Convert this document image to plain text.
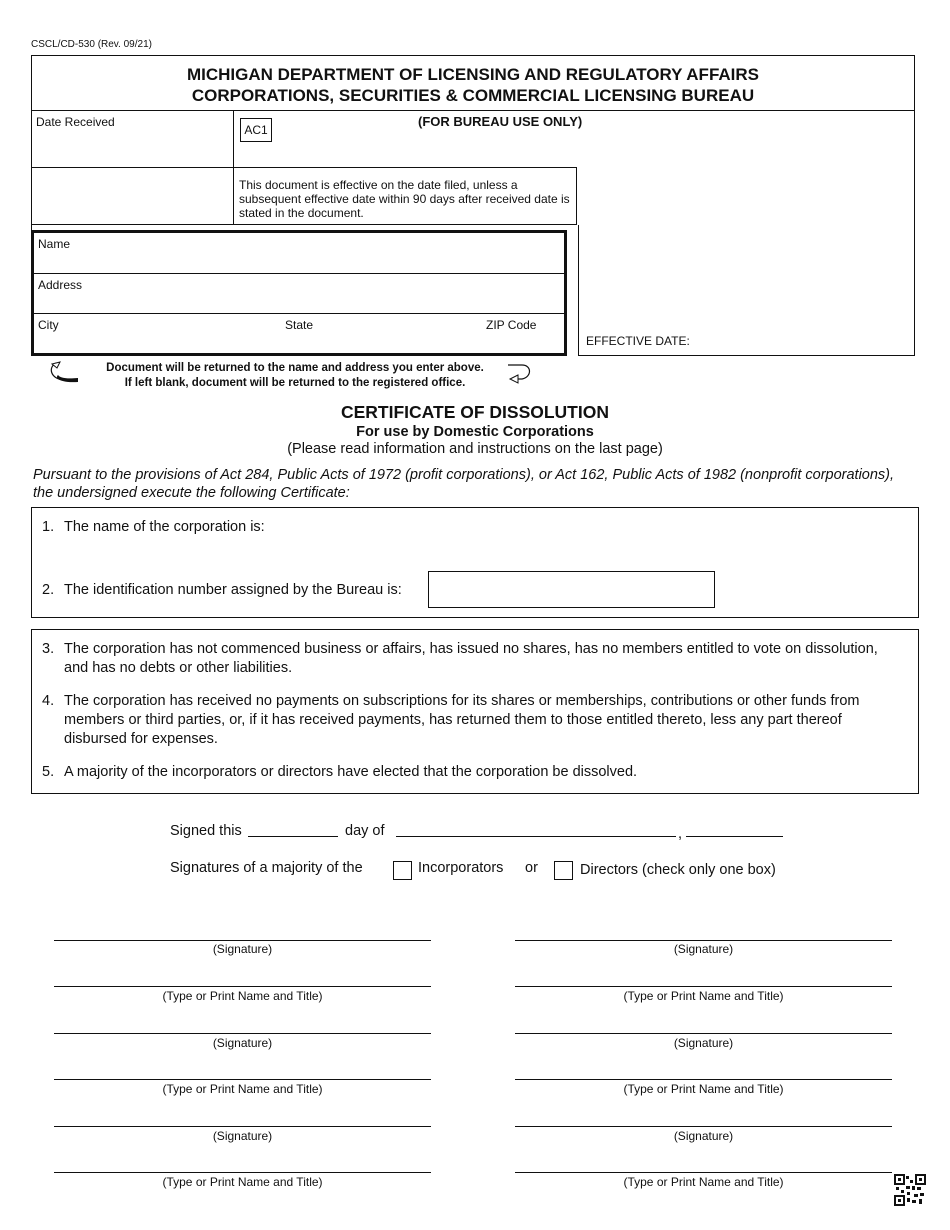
CSCL/CD-530 (Rev. 09/21)
MICHIGAN DEPARTMENT OF LICENSING AND REGULATORY AFFAIRS
CORPORATIONS, SECURITIES & COMMERCIAL LICENSING BUREAU
Date Received
AC1
(FOR BUREAU USE ONLY)
This document is effective on the date filed, unless a subsequent effective date within 90 days after received date is stated in the document.
EFFECTIVE DATE:
Name
Address
City	State	ZIP Code
Document will be returned to the name and address you enter above.
If left blank, document will be returned to the registered office.
CERTIFICATE OF DISSOLUTION
For use by Domestic Corporations
(Please read information and instructions on the last page)
Pursuant to the provisions of Act 284, Public Acts of 1972 (profit corporations), or Act 162, Public Acts of 1982 (nonprofit corporations), the undersigned execute the following Certificate:
1. The name of the corporation is:
2. The identification number assigned by the Bureau is:
3. The corporation has not commenced business or affairs, has issued no shares, has no members entitled to vote on dissolution, and has no debts or other liabilities.
4. The corporation has received no payments on subscriptions for its shares or memberships, contributions or other funds from members or third parties, or, if it has received payments, has returned them to those entitled thereto, less any part thereof disbursed for expenses.
5. A majority of the incorporators or directors have elected that the corporation be dissolved.
Signed this	day of	,
Signatures of a majority of the	Incorporators or	Directors (check only one box)
(Signature)
(Type or Print Name and Title)
(Signature)
(Type or Print Name and Title)
(Signature)
(Type or Print Name and Title)
(Signature)
(Type or Print Name and Title)
(Signature)
(Type or Print Name and Title)
(Signature)
(Type or Print Name and Title)
